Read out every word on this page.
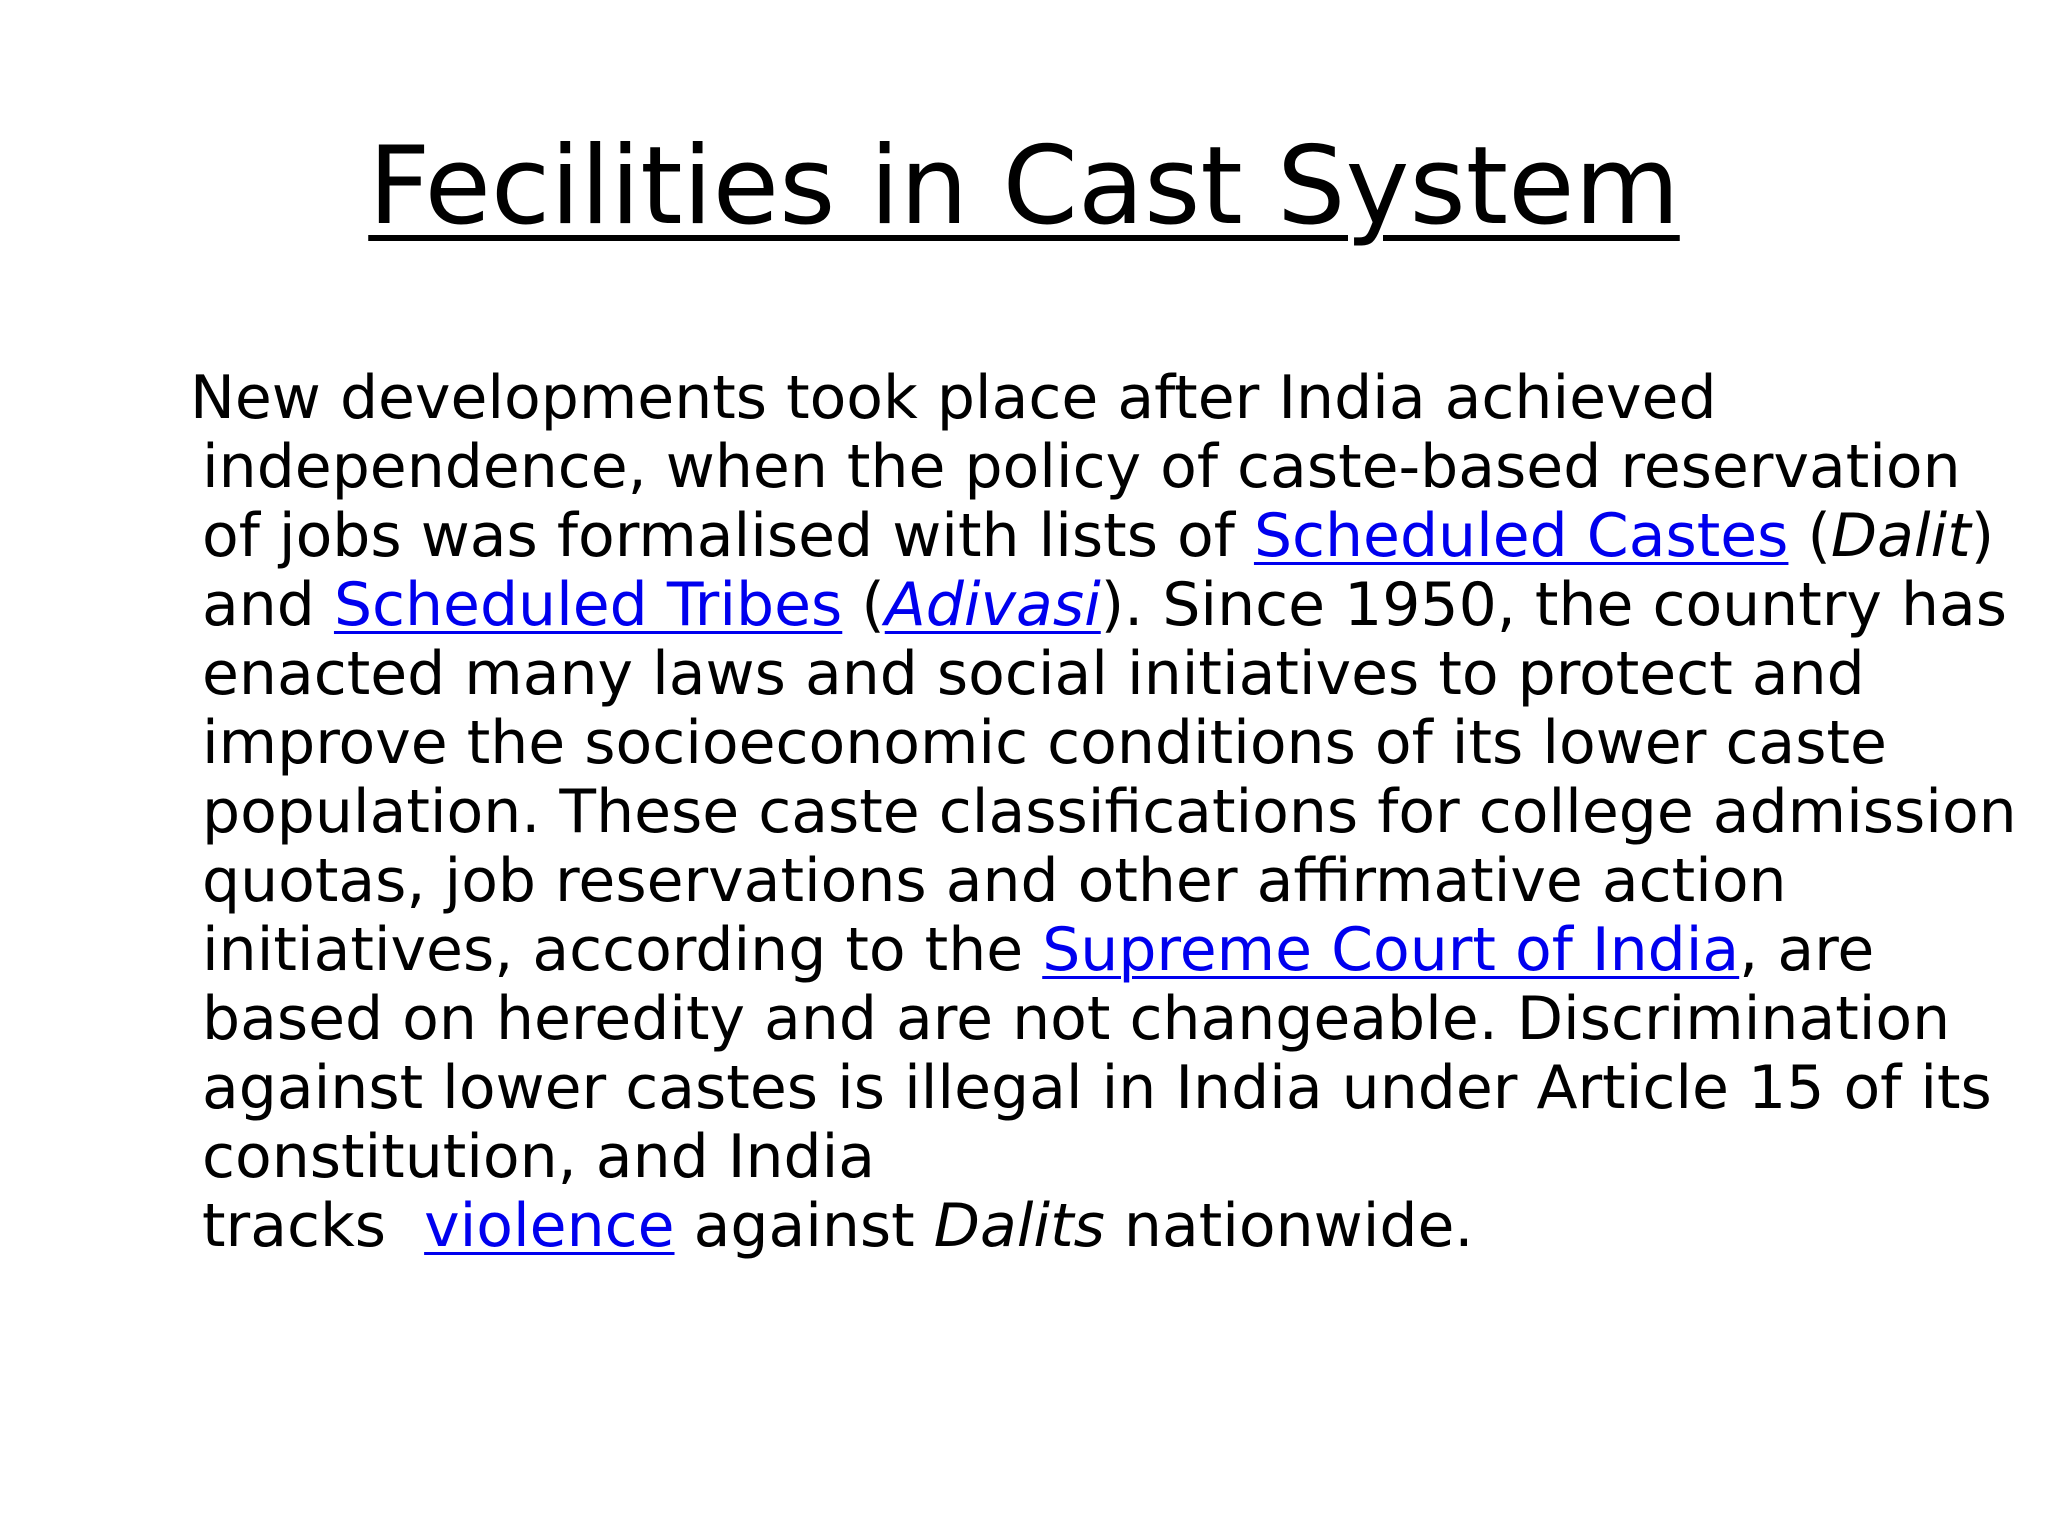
Fecilities in Cast System
New developments took place after India achieved
independence, when the policy of caste-based reservation
of jobs was formalised with lists of Scheduled Castes (Dalit)
and Scheduled Tribes (Adivasi). Since 1950, the country has
enacted many laws and social initiatives to protect and
improve the socioeconomic conditions of its lower caste
population. These caste classifications for college admission
quotas, job reservations and other affirmative action
initiatives, according to the Supreme Court of India, are
based on heredity and are not changeable. Discrimination
against lower castes is illegal in India under Article 15 of its
constitution, and India
tracks  violence against Dalits nationwide.
